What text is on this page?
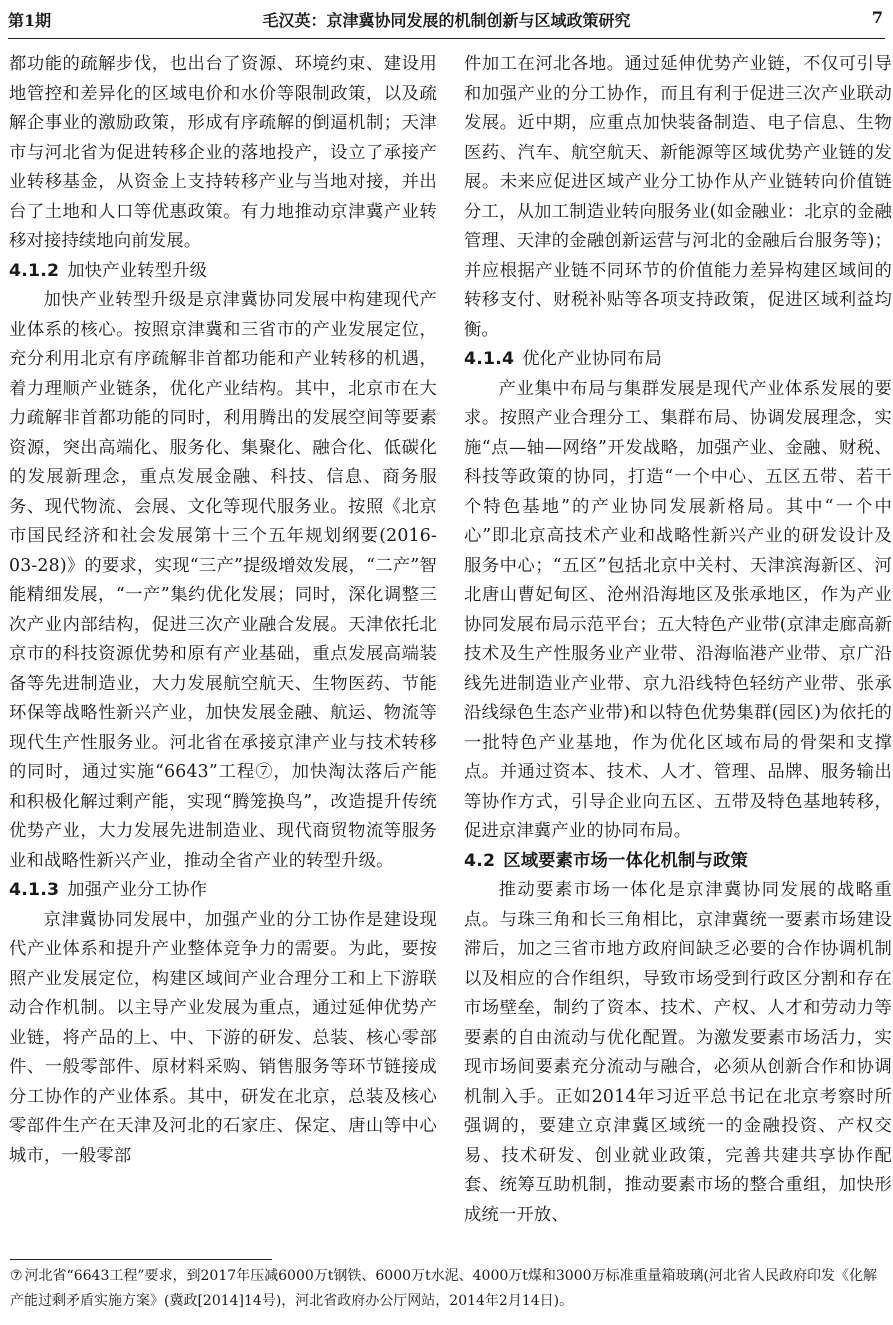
第1期	毛汉英：京津冀协同发展的机制创新与区域政策研究	7

都功能的疏解步伐，也出台了资源、环境约束、建设用地管控和差异化的区域电价和水价等限制政策，以及疏解企事业的激励政策，形成有序疏解的倒逼机制；天津市与河北省为促进转移企业的落地投产，设立了承接产业转移基金，从资金上支持转移产业与当地对接，并出台了土地和人口等优惠政策。有力地推动京津冀产业转移对接持续地向前发展。

4.1.2 加快产业转型升级

加快产业转型升级是京津冀协同发展中构建现代产业体系的核心。按照京津冀和三省市的产业发展定位，充分利用北京有序疏解非首都功能和产业转移的机遇，着力理顺产业链条，优化产业结构。其中，北京市在大力疏解非首都功能的同时，利用腾出的发展空间等要素资源，突出高端化、服务化、集聚化、融合化、低碳化的发展新理念，重点发展金融、科技、信息、商务服务、现代物流、会展、文化等现代服务业。按照《北京市国民经济和社会发展第十三个五年规划纲要(2016-03-28)》的要求，实现“三产”提级增效发展，“二产”智能精细发展，“一产”集约优化发展；同时，深化调整三次产业内部结构，促进三次产业融合发展。天津依托北京市的科技资源优势和原有产业基础，重点发展高端装备等先进制造业，大力发展航空航天、生物医药、节能环保等战略性新兴产业，加快发展金融、航运、物流等现代生产性服务业。河北省在承接京津产业与技术转移的同时，通过实施“6643”工程⑦，加快淘汰落后产能和积极化解过剩产能，实现“腾笼换鸟”，改造提升传统优势产业，大力发展先进制造业、现代商贸物流等服务业和战略性新兴产业，推动全省产业的转型升级。

4.1.3 加强产业分工协作

京津冀协同发展中，加强产业的分工协作是建设现代产业体系和提升产业整体竞争力的需要。为此，要按照产业发展定位，构建区域间产业合理分工和上下游联动合作机制。以主导产业发展为重点，通过延伸优势产业链，将产品的上、中、下游的研发、总装、核心零部件、一般零部件、原材料采购、销售服务等环节链接成分工协作的产业体系。其中，研发在北京，总装及核心零部件生产在天津及河北的石家庄、保定、唐山等中心城市，一般零部

件加工在河北各地。通过延伸优势产业链，不仅可引导和加强产业的分工协作，而且有利于促进三次产业联动发展。近中期，应重点加快装备制造、电子信息、生物医药、汽车、航空航天、新能源等区域优势产业链的发展。未来应促进区域产业分工协作从产业链转向价值链分工，从加工制造业转向服务业(如金融业：北京的金融管理、天津的金融创新运营与河北的金融后台服务等)；并应根据产业链不同环节的价值能力差异构建区域间的转移支付、财税补贴等各项支持政策，促进区域利益均衡。

4.1.4 优化产业协同布局

产业集中布局与集群发展是现代产业体系发展的要求。按照产业合理分工、集群布局、协调发展理念，实施“点—轴—网络”开发战略，加强产业、金融、财税、科技等政策的协同，打造“一个中心、五区五带、若干个特色基地”的产业协同发展新格局。其中“一个中心”即北京高技术产业和战略性新兴产业的研发设计及服务中心；“五区”包括北京中关村、天津滨海新区、河北唐山曹妃甸区、沧州沿海地区及张承地区，作为产业协同发展布局示范平台；五大特色产业带(京津走廊高新技术及生产性服务业产业带、沿海临港产业带、京广沿线先进制造业产业带、京九沿线特色轻纺产业带、张承沿线绿色生态产业带)和以特色优势集群(园区)为依托的一批特色产业基地，作为优化区域布局的骨架和支撑点。并通过资本、技术、人才、管理、品牌、服务输出等协作方式，引导企业向五区、五带及特色基地转移，促进京津冀产业的协同布局。

4.2 区域要素市场一体化机制与政策

推动要素市场一体化是京津冀协同发展的战略重点。与珠三角和长三角相比，京津冀统一要素市场建设滞后，加之三省市地方政府间缺乏必要的合作协调机制以及相应的合作组织，导致市场受到行政区分割和存在市场壁垒，制约了资本、技术、产权、人才和劳动力等要素的自由流动与优化配置。为激发要素市场活力，实现市场间要素充分流动与融合，必须从创新合作和协调机制入手。正如2014年习近平总书记在北京考察时所强调的，要建立京津冀区域统一的金融投资、产权交易、技术研发、创业就业政策，完善共建共享协作配套、统筹互助机制，推动要素市场的整合重组，加快形成统一开放、

⑦ 河北省“6643工程”要求，到2017年压减6000万t钢铁、6000万t水泥、4000万t煤和3000万标准重量箱玻璃(河北省人民政府印发《化解产能过剩矛盾实施方案》(冀政[2014]14号)，河北省政府办公厅网站，2014年2月14日)。
